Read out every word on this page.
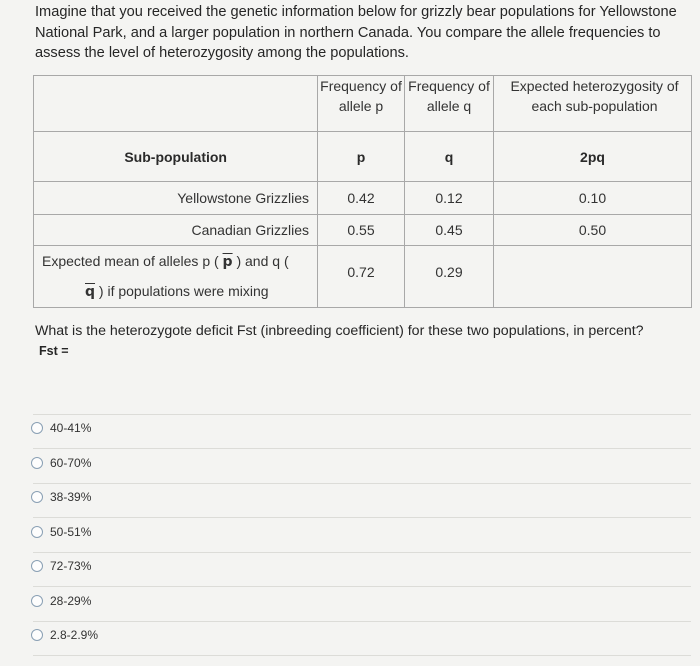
Imagine that you received the genetic information below for grizzly bear populations for Yellowstone National Park, and a larger population in northern Canada. You compare the allele frequencies to assess the level of heterozygosity among the populations.
	Frequency of allele p	Frequency of allele q	Expected heterozygosity of each sub-population
Sub-population	p	q	2pq
Yellowstone Grizzlies	0.42	0.12	0.10
Canadian Grizzlies	0.55	0.45	0.50

Expected mean of alleles p ( $\overline{p}$ ) and q (
$\overline{q}$ ) if populations were mixing	0.72	0.29	
What is the heterozygote deficit Fst (inbreeding coefficient) for these two populations, in percent?
Fst =
40-41%
60-70%
38-39%
50-51%
72-73%
28-29%
2.8-2.9%
